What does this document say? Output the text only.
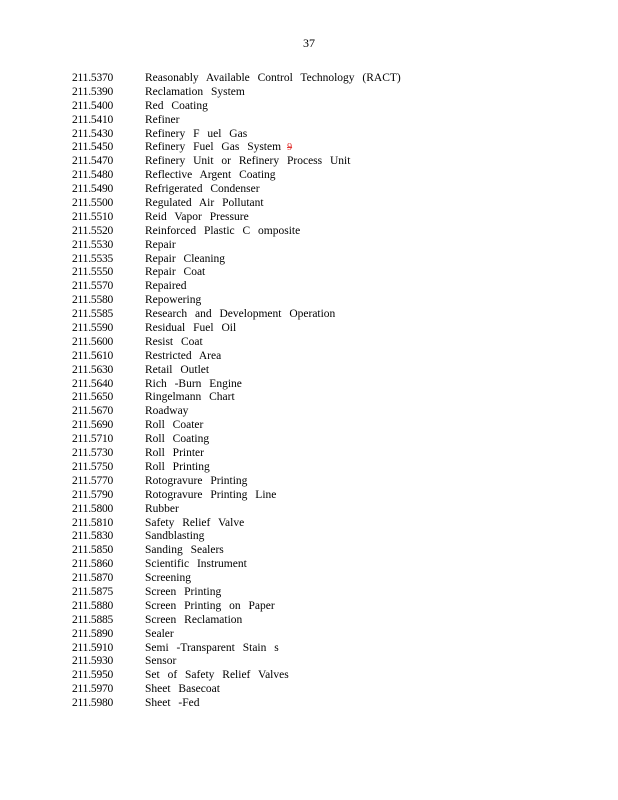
37
211.5370	Reasonably Available Control Technology (RACT)
211.5390	Reclamation System
211.5400	Red Coating
211.5410	Refiner
211.5430	Refinery F uel Gas
211.5450	Refinery Fuel Gas System 9
211.5470	Refinery Unit or Refinery Process Unit
211.5480	Reflective Argent Coating
211.5490	Refrigerated Condenser
211.5500	Regulated Air Pollutant
211.5510	Reid Vapor Pressure
211.5520	Reinforced Plastic C omposite
211.5530	Repair
211.5535	Repair Cleaning
211.5550	Repair Coat
211.5570	Repaired
211.5580	Repowering
211.5585	Research and Development Operation
211.5590	Residual Fuel Oil
211.5600	Resist Coat
211.5610	Restricted Area
211.5630	Retail Outlet
211.5640	Rich -Burn Engine
211.5650	Ringelmann Chart
211.5670	Roadway
211.5690	Roll Coater
211.5710	Roll Coating
211.5730	Roll Printer
211.5750	Roll Printing
211.5770	Rotogravure Printing
211.5790	Rotogravure Printing Line
211.5800	Rubber
211.5810	Safety Relief Valve
211.5830	Sandblasting
211.5850	Sanding Sealers
211.5860	Scientific Instrument
211.5870	Screening
211.5875	Screen Printing
211.5880	Screen Printing on Paper
211.5885	Screen Reclamation
211.5890	Sealer
211.5910	Semi -Transparent Stain s
211.5930	Sensor
211.5950	Set of Safety Relief Valves
211.5970	Sheet Basecoat
211.5980	Sheet -Fed
